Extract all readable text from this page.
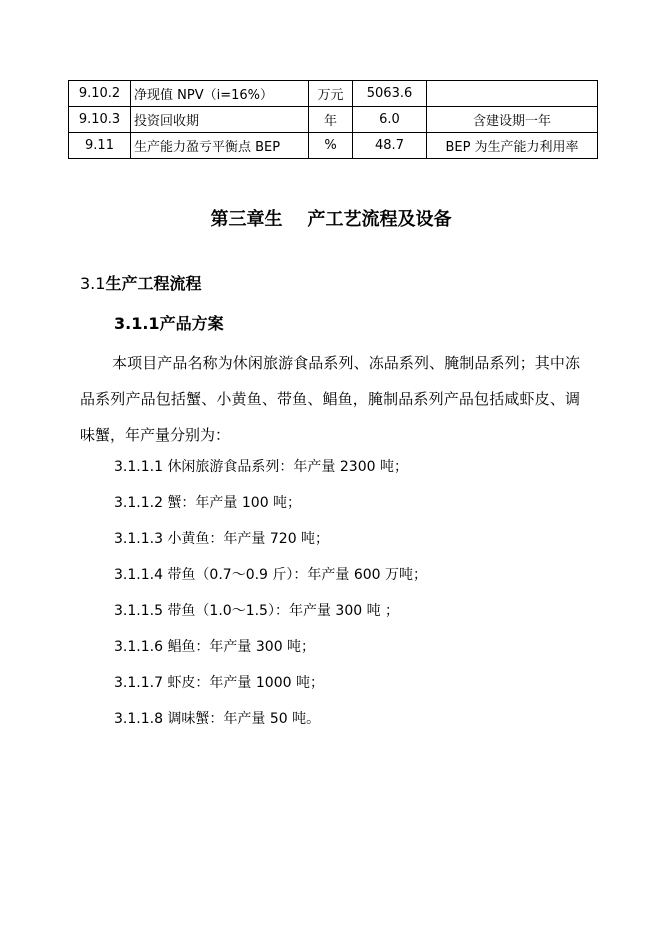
9.10.2	净现值 NPV（i=16%）	万元	5063.6	
9.10.3	投资回收期	年	6.0	含建设期一年
9.11	生产能力盈亏平衡点 BEP	%	48.7	BEP 为生产能力利用率
第三章生    产工艺流程及设备
3.1生产工程流程
3.1.1产品方案

本项目产品名称为休闲旅游食品系列、冻品系列、腌制品系列；其中冻品系列产品包括蟹、小黄鱼、带鱼、鲳鱼，腌制品系列产品包括咸虾皮、调味蟹，年产量分别为：

3.1.1.1 休闲旅游食品系列：年产量 2300 吨；
3.1.1.2 蟹：年产量 100 吨；
3.1.1.3 小黄鱼：年产量 720 吨；
3.1.1.4 带鱼（0.7～0.9 斤）：年产量 600 万吨；
3.1.1.5 带鱼（1.0～1.5）：年产量 300 吨 ；
3.1.1.6 鲳鱼：年产量 300 吨；
3.1.1.7 虾皮：年产量 1000 吨；
3.1.1.8 调味蟹：年产量 50 吨。
